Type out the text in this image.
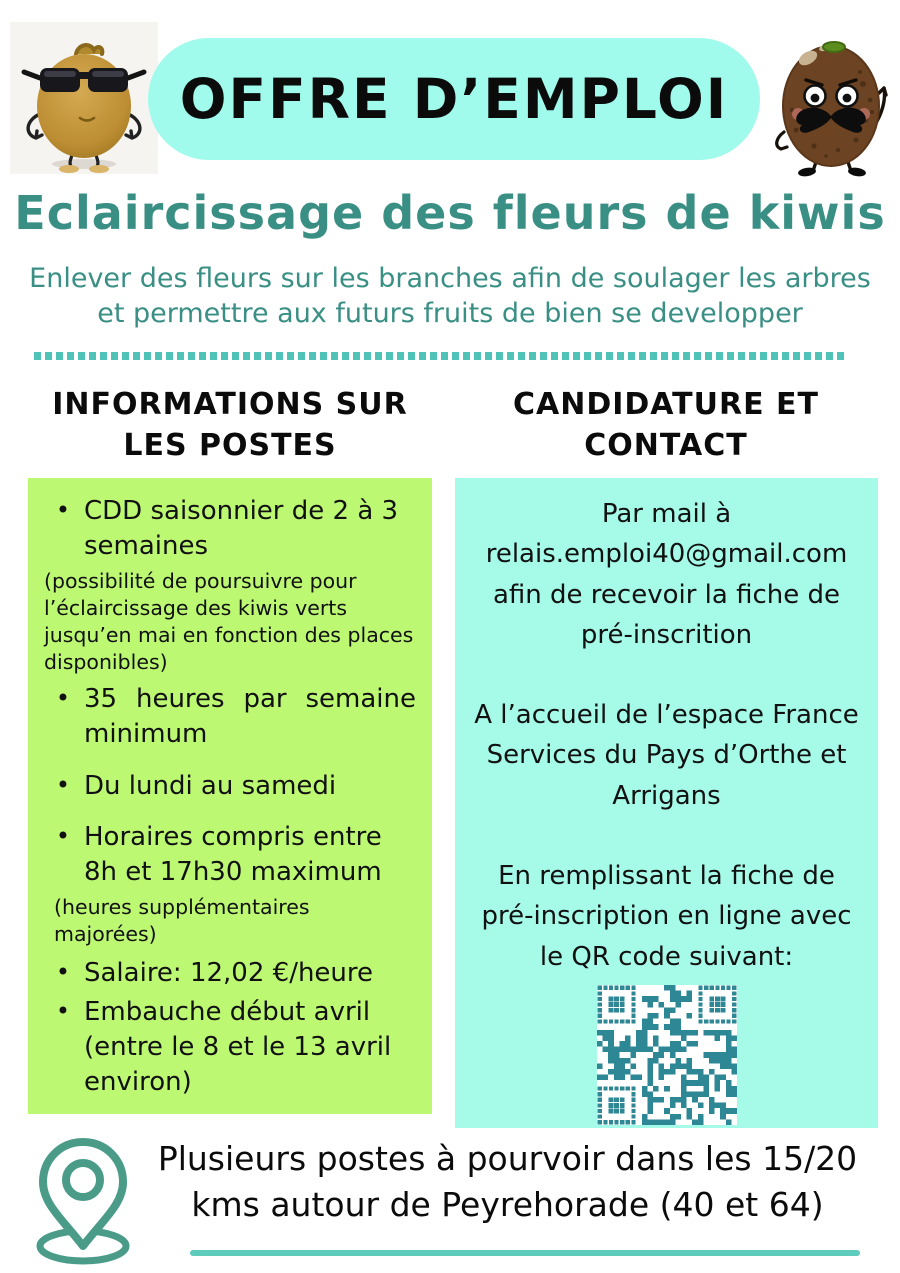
OFFRE D’EMPLOI
Eclaircissage des fleurs de kiwis
Enlever des fleurs sur les branches afin de soulager les arbres
et permettre aux futurs fruits de bien se developper
INFORMATIONS SUR LES POSTES
• CDD saisonnier de 2 à 3 semaines
(possibilité de poursuivre pour l’éclaircissage des kiwis verts jusqu’en mai en fonction des places disponibles)
• 35 heures par semaine minimum
• Du lundi au samedi
• Horaires compris entre 8h et 17h30 maximum
(heures supplémentaires majorées)
• Salaire: 12,02 €/heure
• Embauche début avril (entre le 8 et le 13 avril environ)
CANDIDATURE ET CONTACT

Par mail à relais.emploi40@gmail.com afin de recevoir la fiche de pré-inscrition

A l’accueil de l’espace France Services du Pays d’Orthe et Arrigans

En remplissant la fiche de pré-inscription en ligne avec le QR code suivant:

Plusieurs postes à pourvoir dans les 15/20 kms autour de Peyrehorade (40 et 64)
